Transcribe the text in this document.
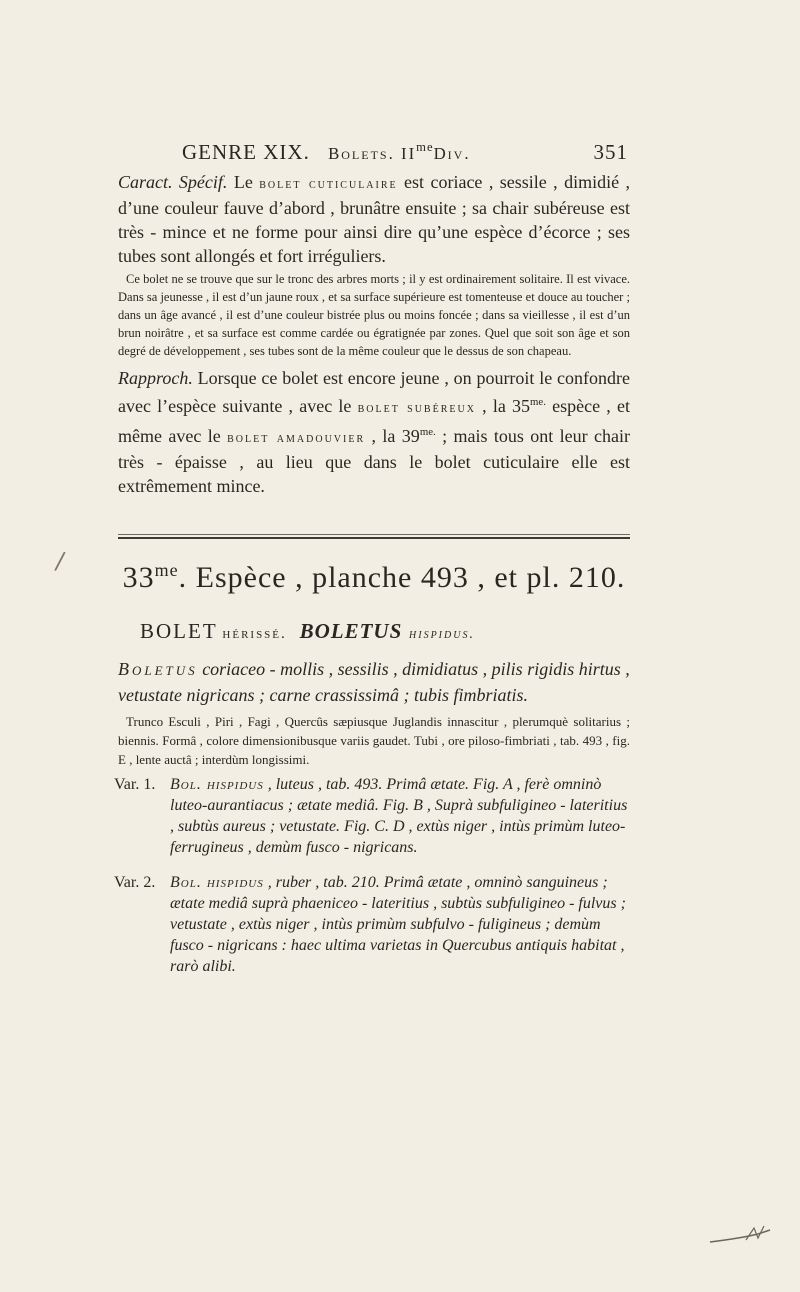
GENRE XIX. Bolets. $II^{me}Div$.	351
Caract. Spécif. Le bolet cuticulaire est coriace , sessile , dimidié , d’une couleur fauve d’abord , brunâtre ensuite ; sa chair subéreuse est très - mince et ne forme pour ainsi dire qu’une espèce d’écorce ; ses tubes sont allongés et fort irréguliers.
Ce bolet ne se trouve que sur le tronc des arbres morts ; il y est ordinairement solitaire. Il est vivace. Dans sa jeunesse , il est d’un jaune roux , et sa surface supérieure est tomenteuse et douce au toucher ; dans un âge avancé , il est d’une couleur bistrée plus ou moins foncée ; dans sa vieillesse , il est d’un brun noirâtre , et sa surface est comme cardée ou égratignée par zones. Quel que soit son âge et son degré de développement , ses tubes sont de la même couleur que le dessus de son chapeau.
Rapproch. Lorsque ce bolet est encore jeune , on pourroit le confondre avec l’espèce suivante , avec le bolet subéreux , la $35^{me.}$ espèce , et même avec le bolet amadouvier , la $39^{me.}$ ; mais tous ont leur chair très - épaisse , au lieu que dans le bolet cuticulaire elle est extrêmement mince.
/ $33^{me}$. Espèce , planche 493 , et pl. 210.
BOLET hérissé. BOLETUS hispidus.
Boletus coriaceo - mollis , sessilis , dimidiatus , pilis rigidis hirtus , vetustate nigricans ; carne crassissimâ ; tubis fimbriatis.
Trunco Esculi , Piri , Fagi , Quercûs sæpiusque Juglandis innascitur , plerumquè solitarius ; biennis. Formâ , colore dimensionibusque variis gaudet. Tubi , ore piloso-fimbriati , tab. 493 , fig. E , lente auctâ ; interdùm longissimi.
Var. 1. Bol. hispidus , luteus , tab. 493. Primâ ætate. Fig. A , ferè omninò luteo-aurantiacus ; ætate mediâ. Fig. B , Suprà subfuligineo - lateritius , subtùs aureus ; vetustate. Fig. C. D , extùs niger , intùs primùm luteo-ferrugineus , demùm fusco - nigricans.
Var. 2. Bol. hispidus , ruber , tab. 210. Primâ ætate , omninò sanguineus ; ætate mediâ suprà phaeniceo - lateritius , subtùs subfuligineo - fulvus ; vetustate , extùs niger , intùs primùm subfulvo - fuligineus ; demùm fusco - nigricans : haec ultima varietas in Quercubus antiquis habitat , rarò alibi.
